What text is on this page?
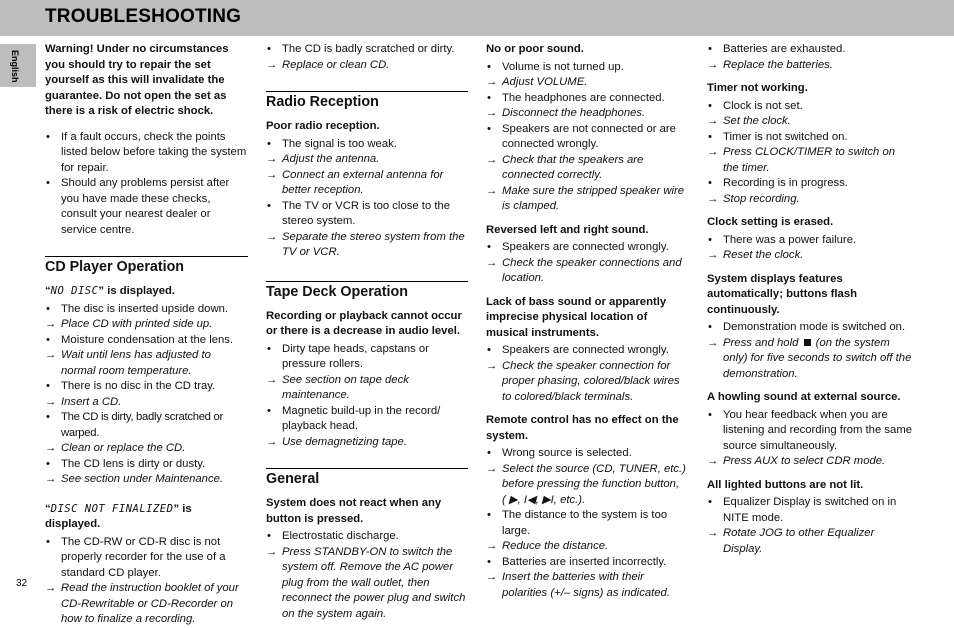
TROUBLESHOOTING
English
32

Warning! Under no circumstances you should try to repair the set yourself as this will invalidate the guarantee. Do not open the set as there is a risk of electric shock.

• If a fault occurs, check the points listed below before taking the system for repair.

• Should any problems persist after you have made these checks, consult your nearest dealer or service centre.

CD Player Operation

“NO DISC” is displayed.

• The disc is inserted upside down.

→ Place CD with printed side up.

• Moisture condensation at the lens.

→ Wait until lens has adjusted to normal room temperature.

• There is no disc in the CD tray.

→ Insert a CD.

• The CD is dirty, badly scratched or warped.

→ Clean or replace the CD.

• The CD lens is dirty or dusty.

→ See section under Maintenance.

“DISC NOT FINALIZED” is displayed.

• The CD-RW or CD-R disc is not properly recorder for the use of a standard CD player.

→ Read the instruction booklet of your CD-Rewritable or CD-Recorder on how to finalize a recording.

• The CD is badly scratched or dirty.

→ Replace or clean CD.

Radio Reception

Poor radio reception.

• The signal is too weak.

→ Adjust the antenna.

→ Connect an external antenna for better reception.

• The TV or VCR is too close to the stereo system.

→ Separate the stereo system from the TV or VCR.

Tape Deck Operation

Recording or playback cannot occur or there is a decrease in audio level.

• Dirty tape heads, capstans or pressure rollers.

→ See section on tape deck maintenance.

• Magnetic build-up in the record/ playback head.

→ Use demagnetizing tape.

General

System does not react when any button is pressed.

• Electrostatic discharge.

→ Press STANDBY-ON to switch the system off. Remove the AC power plug from the wall outlet, then reconnect the power plug and switch on the system again.

No or poor sound.

• Volume is not turned up.

→ Adjust VOLUME.

• The headphones are connected.

→ Disconnect the headphones.

• Speakers are not connected or are connected wrongly.

→ Check that the speakers are connected correctly.

→ Make sure the stripped speaker wire is clamped.

Reversed left and right sound.

• Speakers are connected wrongly.

→ Check the speaker connections and location.

Lack of bass sound or apparently imprecise physical location of musical instruments.

• Speakers are connected wrongly.

→ Check the speaker connection for proper phasing, colored/black wires to colored/black terminals.

Remote control has no effect on the system.

• Wrong source is selected.

→ Select the source (CD, TUNER, etc.) before pressing the function button,
( ▶, I◀, ▶I, etc.).

• The distance to the system is too large.

→ Reduce the distance.

• Batteries are inserted incorrectly.

→ Insert the batteries with their polarities (+/– signs) as indicated.

• Batteries are exhausted.

→ Replace the batteries.

Timer not working.

• Clock is not set.

→ Set the clock.

• Timer is not switched on.

→ Press CLOCK/TIMER to switch on the timer.

• Recording is in progress.

→ Stop recording.

Clock setting is erased.

• There was a power failure.

→ Reset the clock.

System displays features automatically; buttons flash continuously.

• Demonstration mode is switched on.

→ Press and hold (on the system only) for five seconds to switch off the demonstration.

A howling sound at external source.

• You hear feedback when you are listening and recording from the same source simultaneously.

→ Press AUX to select CDR mode.

All lighted buttons are not lit.

• Equalizer Display is switched on in NITE mode.

→ Rotate JOG to other Equalizer Display.
